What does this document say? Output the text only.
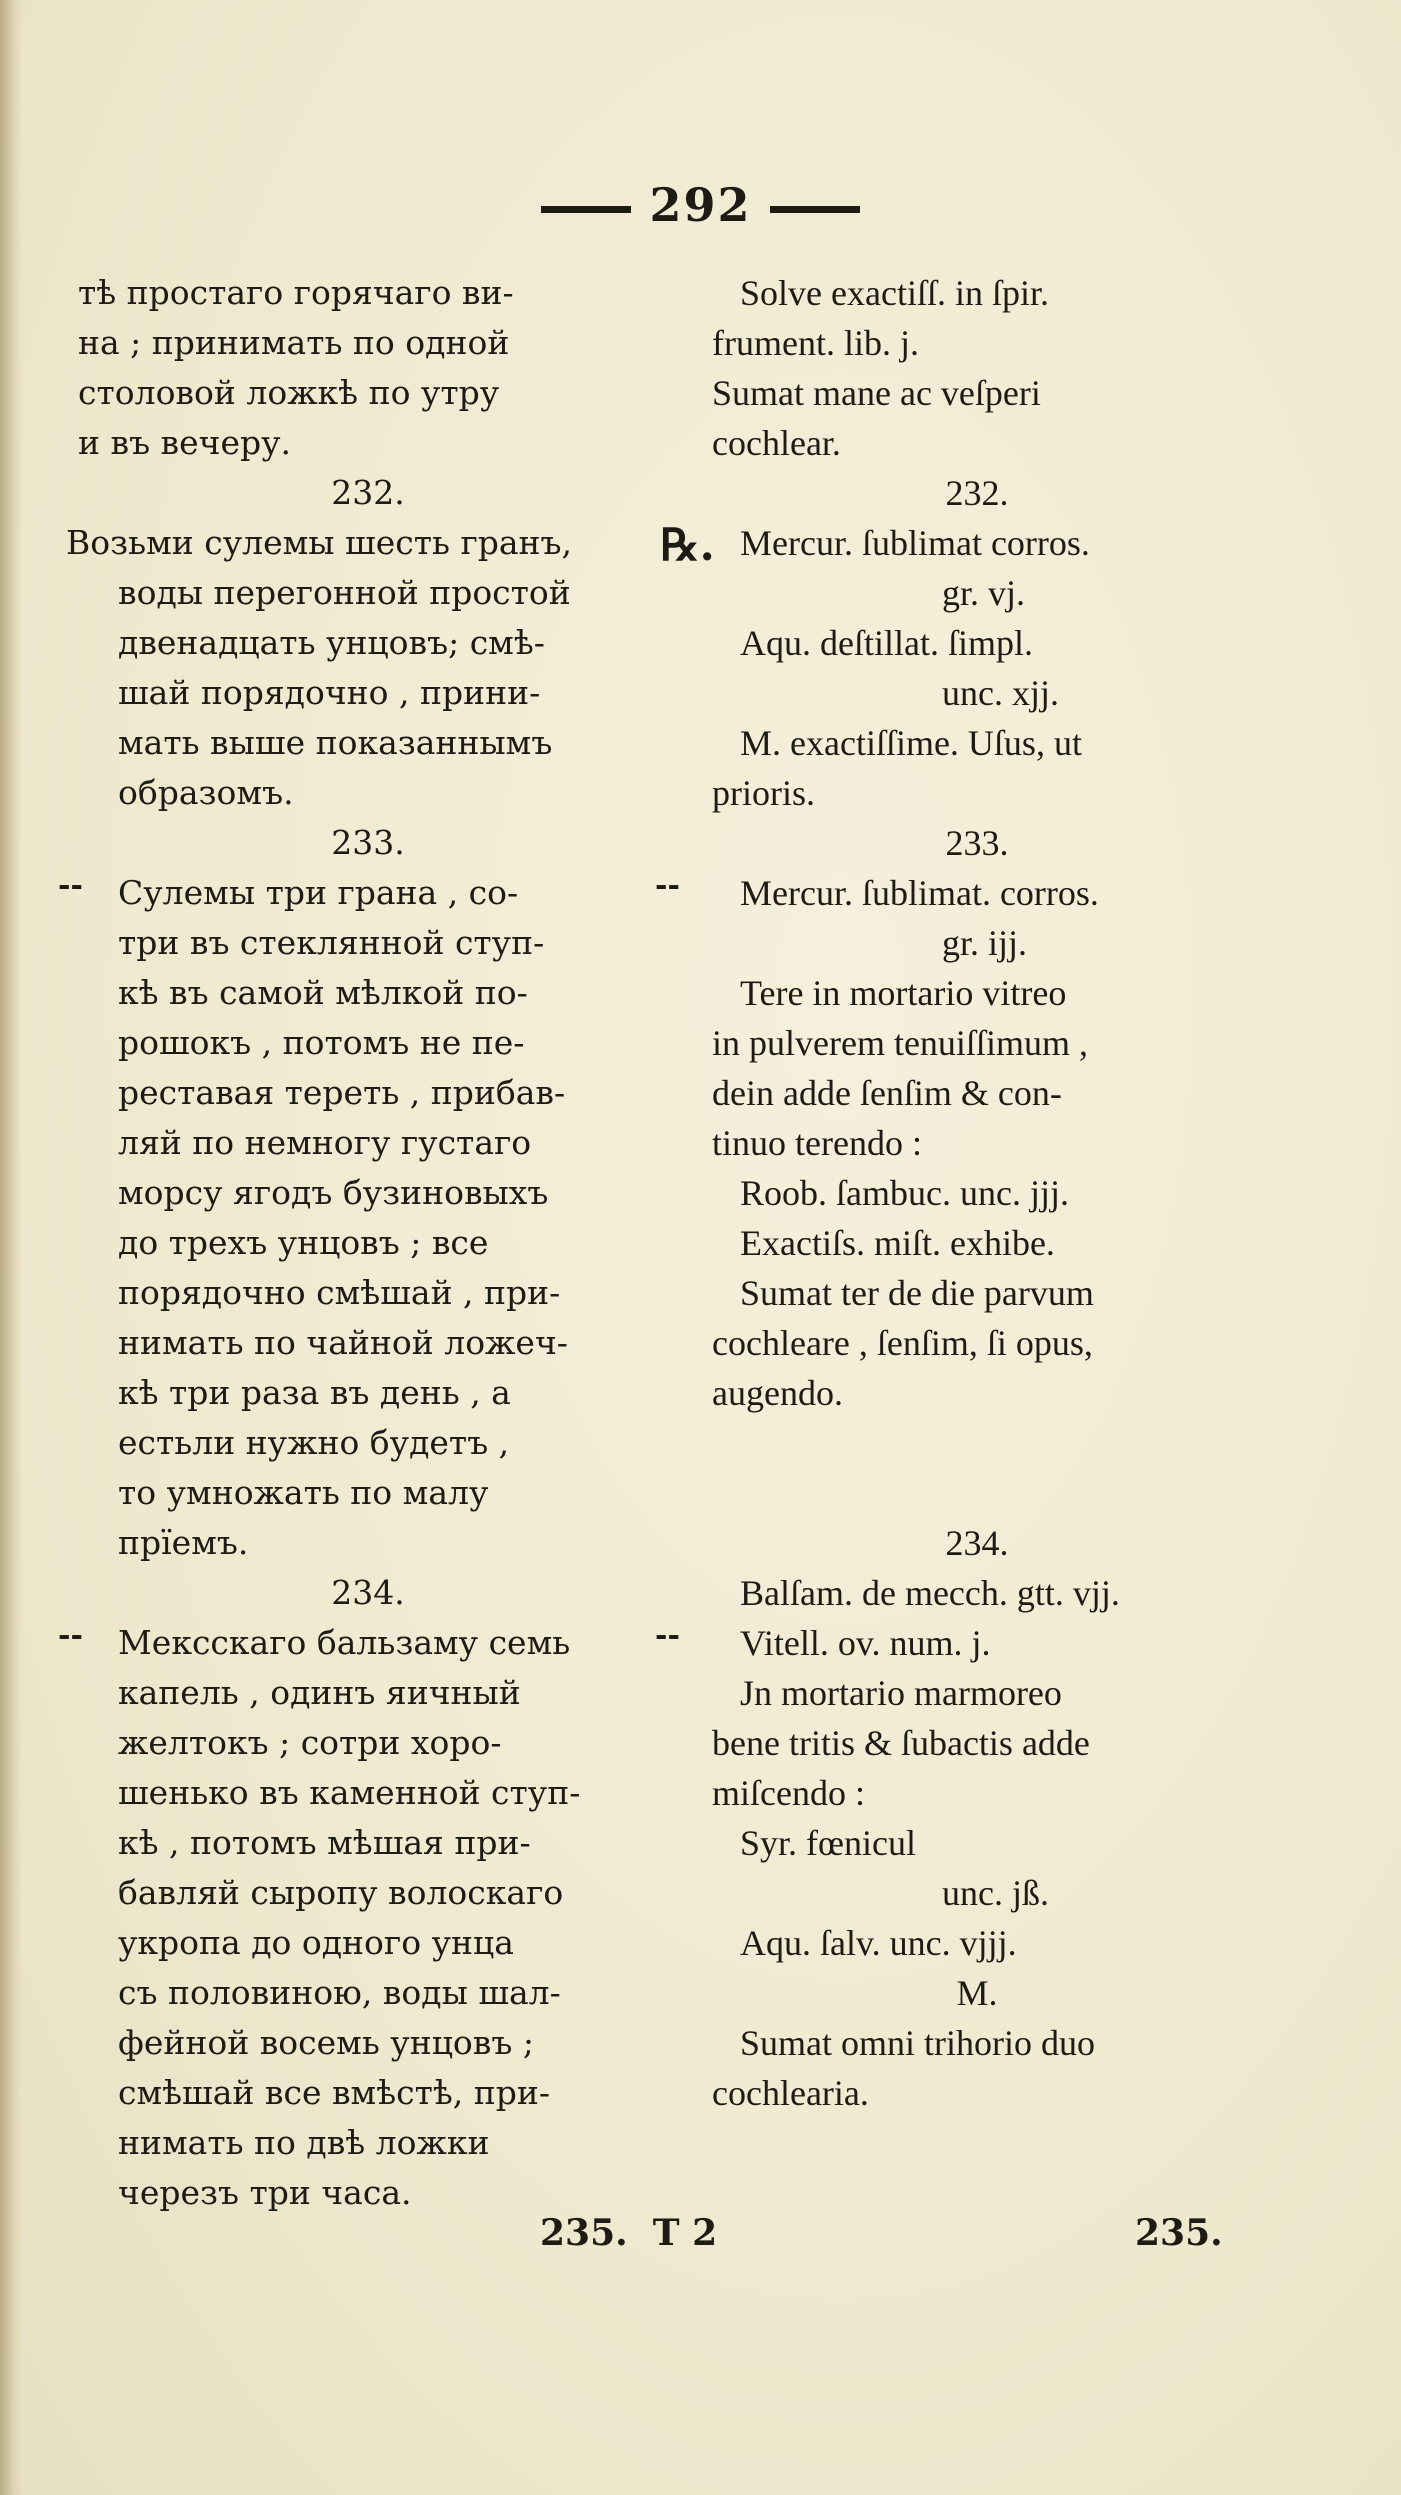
292
тѣ простаго горячаго ви-
на ; принимать по одной
столовой ложкѣ по утру
и въ вечеру.
232.
Возьми сулемы шесть гранъ,
воды перегонной простой
двенадцать унцовъ; смѣ-
шай порядочно , прини-
мать выше показаннымъ
образомъ.
233.
Сулемы три грана , со-
три въ стеклянной ступ-
кѣ въ самой мѣлкой по-
рошокъ , потомъ не пе-
рестaвая тереть , прибав-
ляй по немногу густаго
морсу ягодъ бузиновыхъ
до трехъ унцовъ ; все
порядочно смѣшай , при-
нимать по чайной ложеч-
кѣ три раза въ день , а
естьли нужно будетъ ,
то умножать по малу
прїемъ.
234.
Мексскаго бальзаму семь
капель , одинъ яичный
желтокъ ; сотри хоро-
шенько въ каменной ступ-
кѣ , потомъ мѣшая при-
бавляй сыропу волоскаго
укропа до одного унца
съ половиною, воды шал-
фейной восемь унцовъ ;
смѣшай все вмѣстѣ, при-
нимать по двѣ ложки
черезъ три часа.
--	--
--	--
℞.
Solve exactiſſ. in ſpir.
frument. lib. j.
Sumat mane ac veſperi
cochlear.
232.
Mercur. ſublimat corros.
gr. vj.
Aqu. deſtillat. ſimpl.
unc. xjj.
M. exactiſſime. Uſus, ut
prioris.
233.
Mercur. ſublimat. corros.
gr. ijj.
Tere in mortario vitreo
in pulverem tenuiſſimum ,
dein adde ſenſim & con-
tinuo terendo :
Roob. ſambuc. unc. jjj.
Exactiſs. miſt. exhibe.
Sumat ter de die parvum
cochleare , ſenſim, ſi opus,
augendo.

234.
Balſam. de mecch. gtt. vjj.
Vitell. ov. num. j.
Jn mortario marmoreo
bene tritis & ſubactis adde
miſcendo :
Syr. fœnicul
unc. jß.
Aqu. ſalv. unc. vjjj.
M.
Sumat omni trihorio duo
cochlearia.
235. T 2	235.
